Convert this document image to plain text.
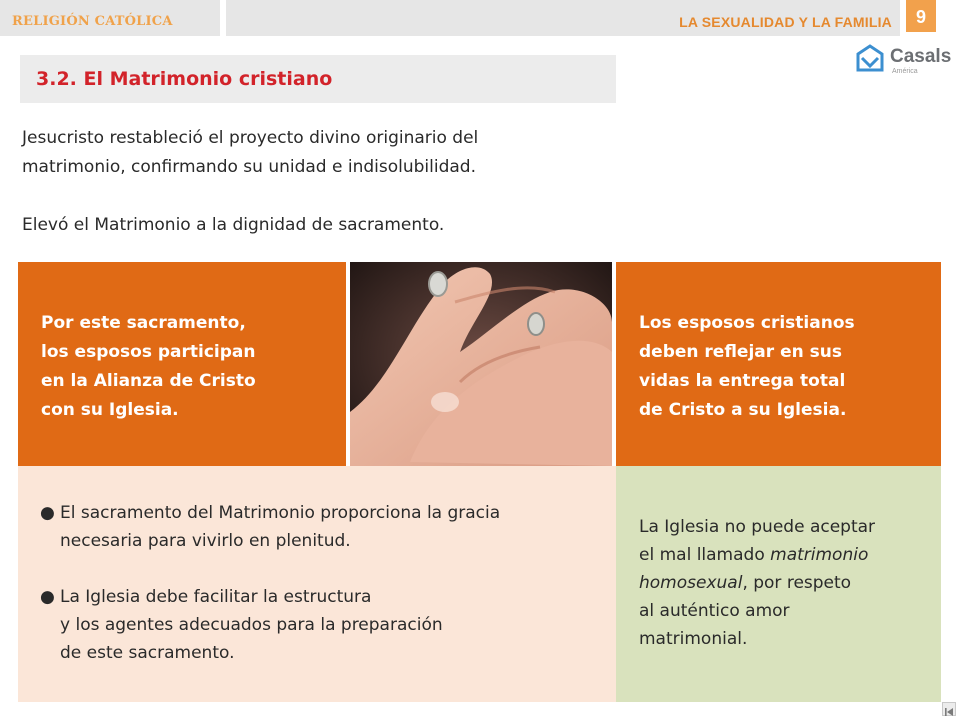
RELIGIÓN CATÓLICA	LA SEXUALIDAD Y LA FAMILIA	9
Casals
América
3.2. El Matrimonio cristiano

Jesucristo restableció el proyecto divino originario del
matrimonio, confirmando su unidad e indisolubilidad.

Elevó el Matrimonio a la dignidad de sacramento.

Por este sacramento,
los esposos participan
en la Alianza de Cristo
con su Iglesia.
Los esposos cristianos
deben reflejar en sus
vidas la entrega total
de Cristo a su Iglesia.
● El sacramento del Matrimonio proporciona la gracia
necesaria para vivirlo en plenitud.
● La Iglesia debe facilitar la estructura
y los agentes adecuados para la preparación
de este sacramento.
La Iglesia no puede aceptar
el mal llamado matrimonio
homosexual, por respeto
al auténtico amor
matrimonial.
